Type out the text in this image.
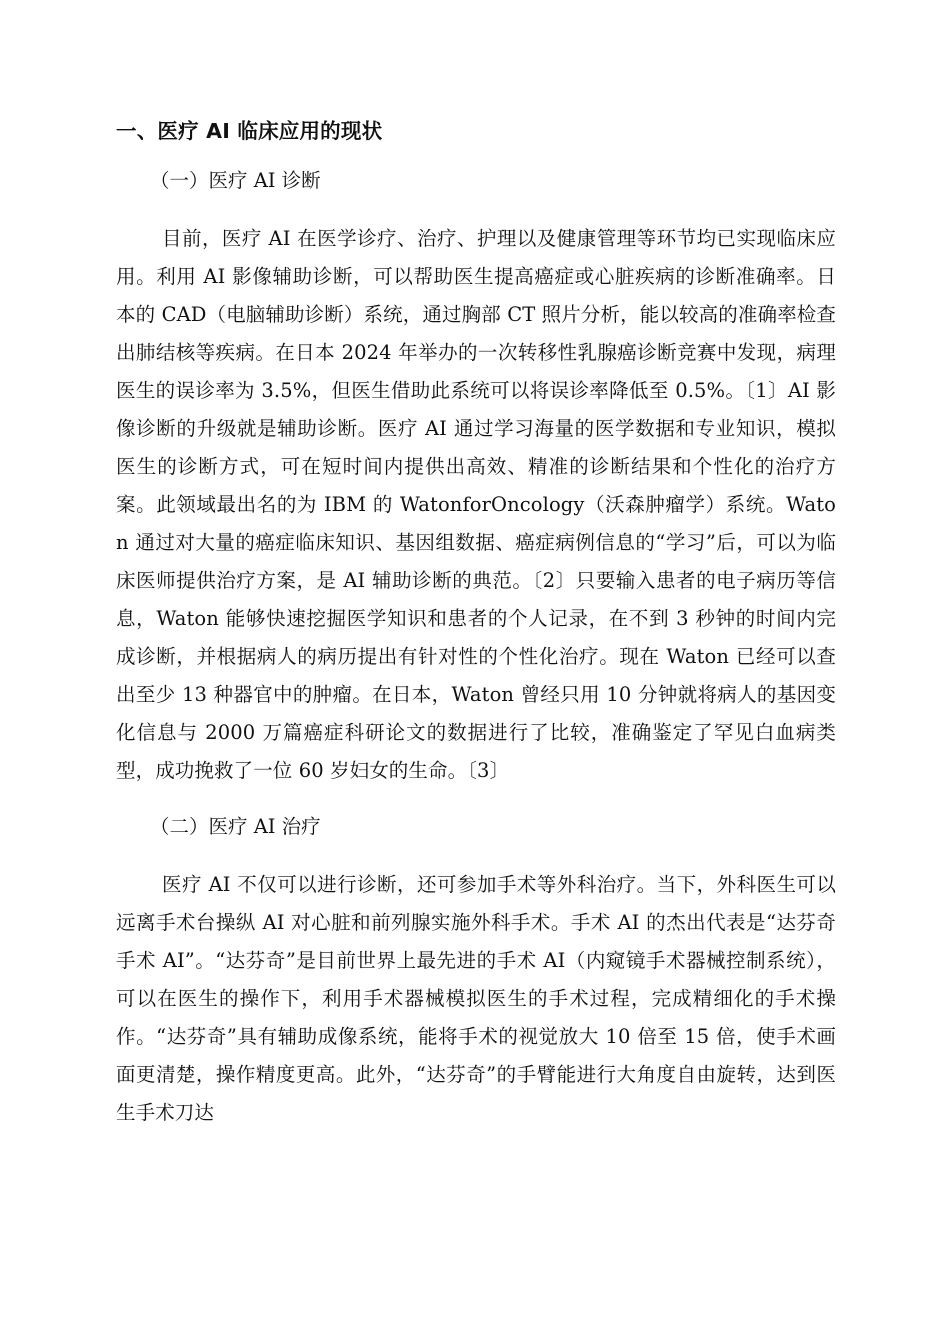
一、医疗 AI 临床应用的现状
（一）医疗 AI 诊断

目前，医疗 AI 在医学诊疗、治疗、护理以及健康管理等环节均已实现临床应用。利用 AI 影像辅助诊断，可以帮助医生提高癌症或心脏疾病的诊断准确率。日本的 CAD（电脑辅助诊断）系统，通过胸部 CT 照片分析，能以较高的准确率检查出肺结核等疾病。在日本 2024 年举办的一次转移性乳腺癌诊断竞赛中发现，病理医生的误诊率为 3.5%，但医生借助此系统可以将误诊率降低至 0.5%。〔1〕AI 影像诊断的升级就是辅助诊断。医疗 AI 通过学习海量的医学数据和专业知识，模拟医生的诊断方式，可在短时间内提供出高效、精准的诊断结果和个性化的治疗方案。此领域最出名的为 IBM 的 WatonforOncology（沃森肿瘤学）系统。Waton 通过对大量的癌症临床知识、基因组数据、癌症病例信息的“学习”后，可以为临床医师提供治疗方案，是 AI 辅助诊断的典范。〔2〕只要输入患者的电子病历等信息，Waton 能够快速挖掘医学知识和患者的个人记录，在不到 3 秒钟的时间内完成诊断，并根据病人的病历提出有针对性的个性化治疗。现在 Waton 已经可以查出至少 13 种器官中的肿瘤。在日本，Waton 曾经只用 10 分钟就将病人的基因变化信息与 2000 万篇癌症科研论文的数据进行了比较，准确鉴定了罕见白血病类型，成功挽救了一位 60 岁妇女的生命。〔3〕

（二）医疗 AI 治疗

医疗 AI 不仅可以进行诊断，还可参加手术等外科治疗。当下，外科医生可以远离手术台操纵 AI 对心脏和前列腺实施外科手术。手术 AI 的杰出代表是“达芬奇手术 AI”。“达芬奇”是目前世界上最先进的手术 AI（内窥镜手术器械控制系统），可以在医生的操作下，利用手术器械模拟医生的手术过程，完成精细化的手术操作。“达芬奇”具有辅助成像系统，能将手术的视觉放大 10 倍至 15 倍，使手术画面更清楚，操作精度更高。此外，“达芬奇”的手臂能进行大角度自由旋转，达到医生手术刀达
